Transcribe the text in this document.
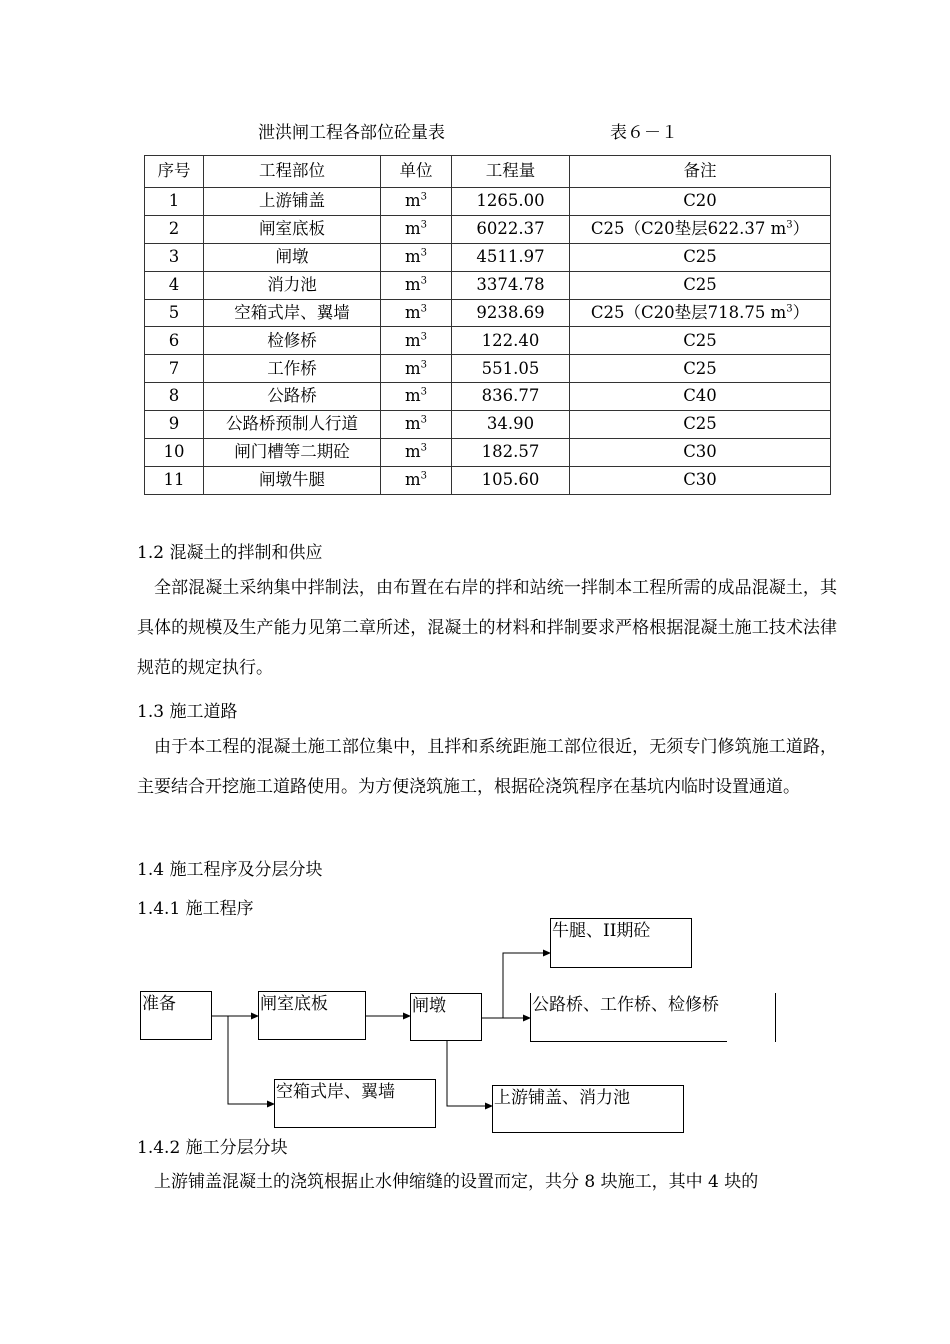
泄洪闸工程各部位砼量表	表６－１
序号	工程部位	单位	工程量	备注
1	上游铺盖	$m^3$	1265.00	C20
2	闸室底板	$m^3$	6022.37	C25（C20垫层622.37 $m^3$）
3	闸墩	$m^3$	4511.97	C25
4	消力池	$m^3$	3374.78	C25
5	空箱式岸、翼墙	$m^3$	9238.69	C25（C20垫层718.75 $m^3$）
6	检修桥	$m^3$	122.40	C25
7	工作桥	$m^3$	551.05	C25
8	公路桥	$m^3$	836.77	C40
9	公路桥预制人行道	$m^3$	34.90	C25
10	闸门槽等二期砼	$m^3$	182.57	C30
11	闸墩牛腿	$m^3$	105.60	C30
1.2 混凝土的拌制和供应
全部混凝土采纳集中拌制法，由布置在右岸的拌和站统一拌制本工程所需的成品混凝土，其具体的规模及生产能力见第二章所述，混凝土的材料和拌制要求严格根据混凝土施工技术法律规范的规定执行。
1.3 施工道路
由于本工程的混凝土施工部位集中，且拌和系统距施工部位很近，无须专门修筑施工道路，主要结合开挖施工道路使用。为方便浇筑施工，根据砼浇筑程序在基坑内临时设置通道。
1.4 施工程序及分层分块
1.4.1 施工程序
准备	闸室底板	闸墩
牛腿、II期砼
公路桥、工作桥、检修桥
空箱式岸、翼墙	上游铺盖、消力池
1.4.2 施工分层分块
上游铺盖混凝土的浇筑根据止水伸缩缝的设置而定，共分 8 块施工，其中 4 块的
